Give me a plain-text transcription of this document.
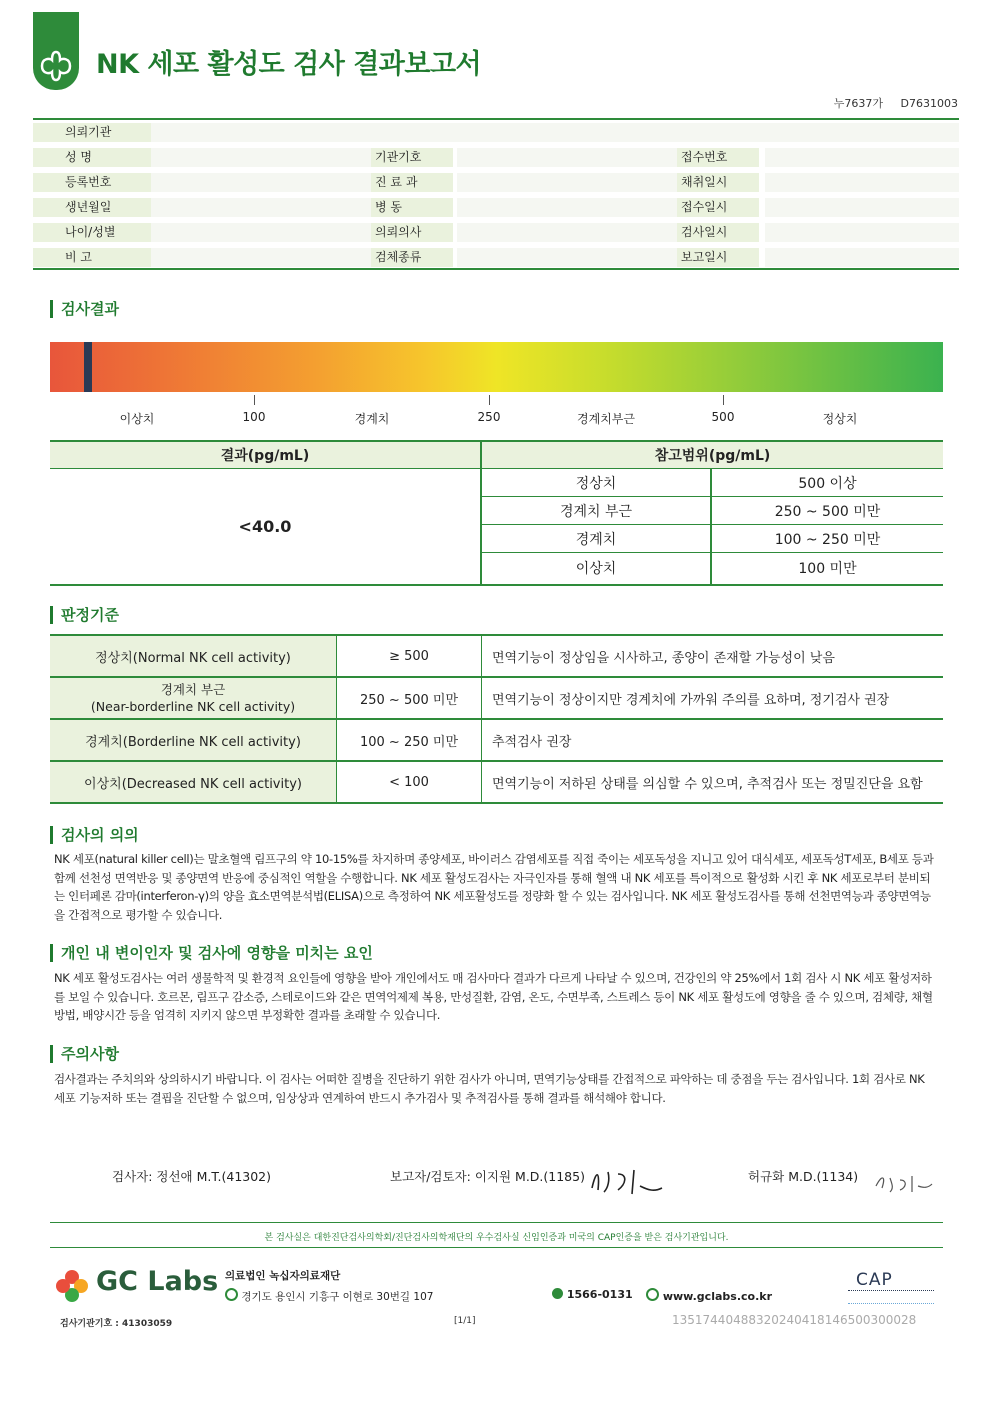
NK 세포 활성도 검사 결과보고서
누7637가 D7631003
의뢰기관
성 명	기관기호	접수번호
등록번호	진 료 과	채취일시
생년월일	병 동	접수일시
나이/성별	의뢰의사	검사일시
비 고	검체종류	보고일시
검사결과
이상치	100	경계치	250	경계치부근	500	정상치
결과(pg/mL)	참고범위(pg/mL)	
<40.0	정상치	500 이상
	경계치 부근	250 ~ 500 미만
	경계치	100 ~ 250 미만
	이상치	100 미만
판정기준
정상치(Normal NK cell activity)	≥ 500	면역기능이 정상임을 시사하고, 종양이 존재할 가능성이 낮음

경계치 부근
(Near-borderline NK cell activity)	250 ~ 500 미만	면역기능이 정상이지만 경계치에 가까워 주의를 요하며, 정기검사 권장
경계치(Borderline NK cell activity)	100 ~ 250 미만	추적검사 권장
이상치(Decreased NK cell activity)	< 100	면역기능이 저하된 상태를 의심할 수 있으며, 추적검사 또는 정밀진단을 요함
검사의 의의
NK 세포(natural killer cell)는 말초혈액 림프구의 약 10-15%를 차지하며 종양세포, 바이러스 감염세포를 직접 죽이는 세포독성을 지니고 있어 대식세포, 세포독성T세포, B세포 등과 함께 선천성 면역반응 및 종양면역 반응에 중심적인 역할을 수행합니다. NK 세포 활성도검사는 자극인자를 통해 혈액 내 NK 세포를 특이적으로 활성화 시킨 후 NK 세포로부터 분비되는 인터페론 감마(interferon-γ)의 양을 효소면역분석법(ELISA)으로 측정하여 NK 세포활성도를 정량화 할 수 있는 검사입니다. NK 세포 활성도검사를 통해 선천면역능과 종양면역능을 간접적으로 평가할 수 있습니다.
개인 내 변이인자 및 검사에 영향을 미치는 요인
NK 세포 활성도검사는 여러 생물학적 및 환경적 요인들에 영향을 받아 개인에서도 매 검사마다 결과가 다르게 나타날 수 있으며, 건강인의 약 25%에서 1회 검사 시 NK 세포 활성저하를 보일 수 있습니다. 호르몬, 림프구 감소증, 스테로이드와 같은 면역억제제 복용, 만성질환, 감염, 온도, 수면부족, 스트레스 등이 NK 세포 활성도에 영향을 줄 수 있으며, 검체량, 채혈방법, 배양시간 등을 엄격히 지키지 않으면 부정확한 결과를 초래할 수 있습니다.
주의사항
검사결과는 주치의와 상의하시기 바랍니다. 이 검사는 어떠한 질병을 진단하기 위한 검사가 아니며, 면역기능상태를 간접적으로 파악하는 데 중점을 두는 검사입니다. 1회 검사로 NK 세포 기능저하 또는 결핍을 진단할 수 없으며, 임상상과 연계하여 반드시 추가검사 및 추적검사를 통해 결과를 해석해야 합니다.
검사자: 정선애 M.T.(41302)	보고자/검토자: 이지원 M.D.(1185)	허규화 M.D.(1134)
본 검사실은 대한진단검사의학회/진단검사의학재단의 우수검사실 신임인증과 미국의 CAP인증을 받은 검사기관입니다.
GC Labs 의료법인 녹십자의료재단
경기도 용인시 기흥구 이현로 30번길 107	1566-0131	www.gclabs.co.kr
CAP
검사기관기호 : 41303059	[1/1]	13517440488320240418146500300028
